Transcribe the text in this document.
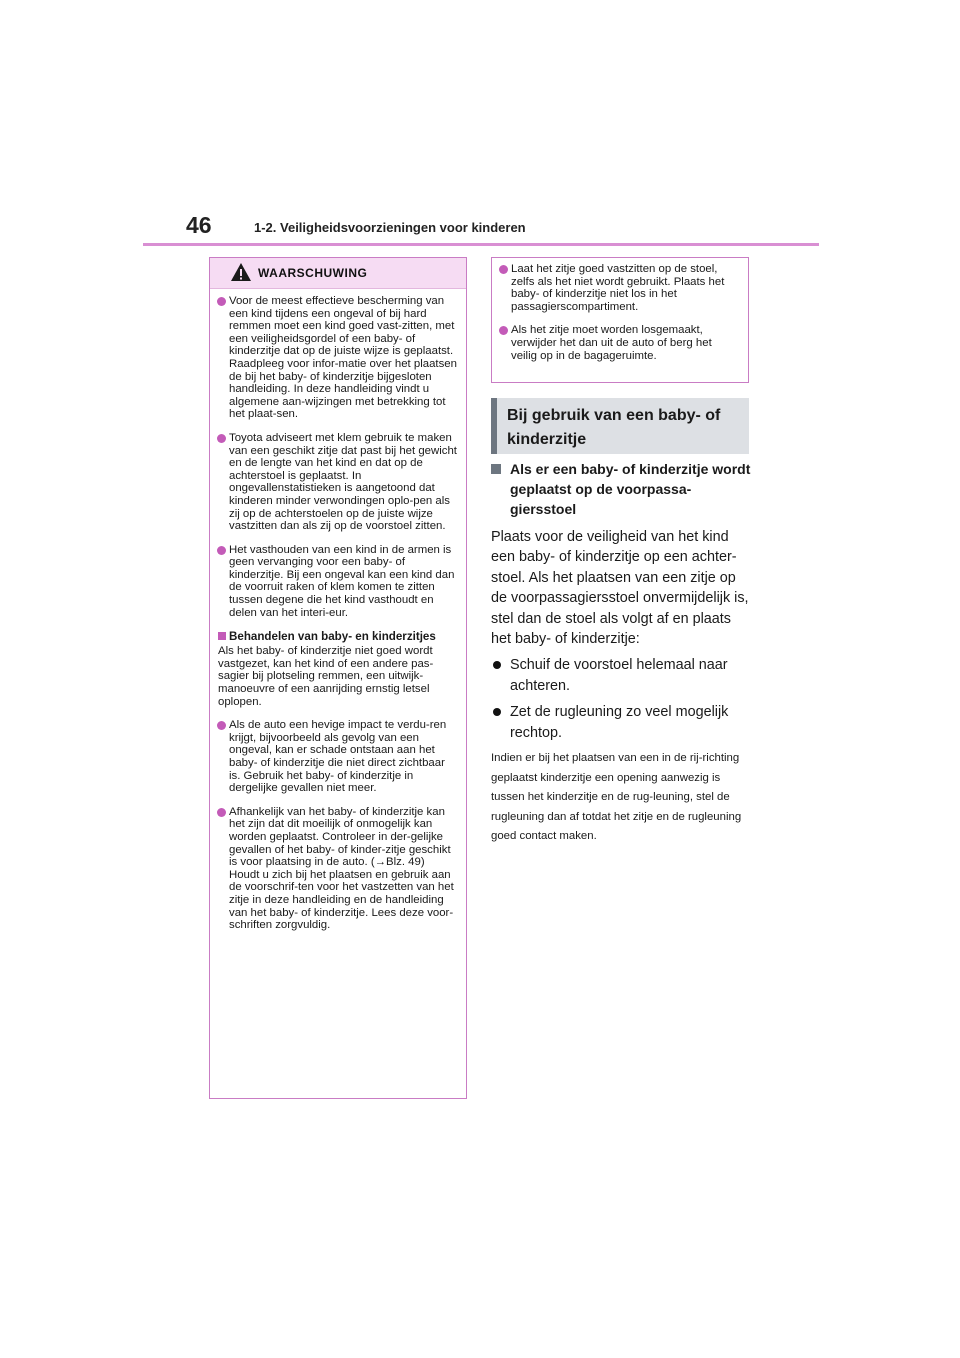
46	1-2. Veiligheidsvoorzieningen voor kinderen
WAARSCHUWING
Voor de meest effectieve bescherming van een kind tijdens een ongeval of bij hard remmen moet een kind goed vast-zitten, met een veiligheidsgordel of een baby- of kinderzitje dat op de juiste wijze is geplaatst. Raadpleeg voor infor-matie over het plaatsen de bij het baby- of kinderzitje bijgesloten handleiding. In deze handleiding vindt u algemene aan-wijzingen met betrekking tot het plaat-sen.
Toyota adviseert met klem gebruik te maken van een geschikt zitje dat past bij het gewicht en de lengte van het kind en dat op de achterstoel is geplaatst. In ongevallenstatistieken is aangetoond dat kinderen minder verwondingen oplo-pen als zij op de achterstoelen op de juiste wijze vastzitten dan als zij op de voorstoel zitten.
Het vasthouden van een kind in de armen is geen vervanging voor een baby- of kinderzitje. Bij een ongeval kan een kind dan de voorruit raken of klem komen te zitten tussen degene die het kind vasthoudt en delen van het interi-eur.
Behandelen van baby- en kinderzitjes
Als het baby- of kinderzitje niet goed wordt vastgezet, kan het kind of een andere pas-sagier bij plotseling remmen, een uitwijk-manoeuvre of een aanrijding ernstig letsel oplopen.
Als de auto een hevige impact te verdu-ren krijgt, bijvoorbeeld als gevolg van een ongeval, kan er schade ontstaan aan het baby- of kinderzitje die niet direct zichtbaar is. Gebruik het baby- of kinderzitje in dergelijke gevallen niet meer.
Afhankelijk van het baby- of kinderzitje kan het zijn dat dit moeilijk of onmogelijk kan worden geplaatst. Controleer in der-gelijke gevallen of het baby- of kinder-zitje geschikt is voor plaatsing in de auto. (→Blz. 49) Houdt u zich bij het plaatsen en gebruik aan de voorschrif-ten voor het vastzetten van het zitje in deze handleiding en de handleiding van het baby- of kinderzitje. Lees deze voor-schriften zorgvuldig.
Laat het zitje goed vastzitten op de stoel, zelfs als het niet wordt gebruikt. Plaats het baby- of kinderzitje niet los in het passagierscompartiment.
Als het zitje moet worden losgemaakt, verwijder het dan uit de auto of berg het veilig op in de bagageruimte.
Bij gebruik van een baby- of kinderzitje
Als er een baby- of kinderzitje wordt geplaatst op de voorpassa-giersstoel
Plaats voor de veiligheid van het kind een baby- of kinderzitje op een achter-stoel. Als het plaatsen van een zitje op de voorpassagiersstoel onvermijdelijk is, stel dan de stoel als volgt af en plaats het baby- of kinderzitje:
Schuif de voorstoel helemaal naar achteren.
Zet de rugleuning zo veel mogelijk rechtop.
Indien er bij het plaatsen van een in de rij-richting geplaatst kinderzitje een opening aanwezig is tussen het kinderzitje en de rug-leuning, stel de rugleuning dan af totdat het zitje en de rugleuning goed contact maken.
